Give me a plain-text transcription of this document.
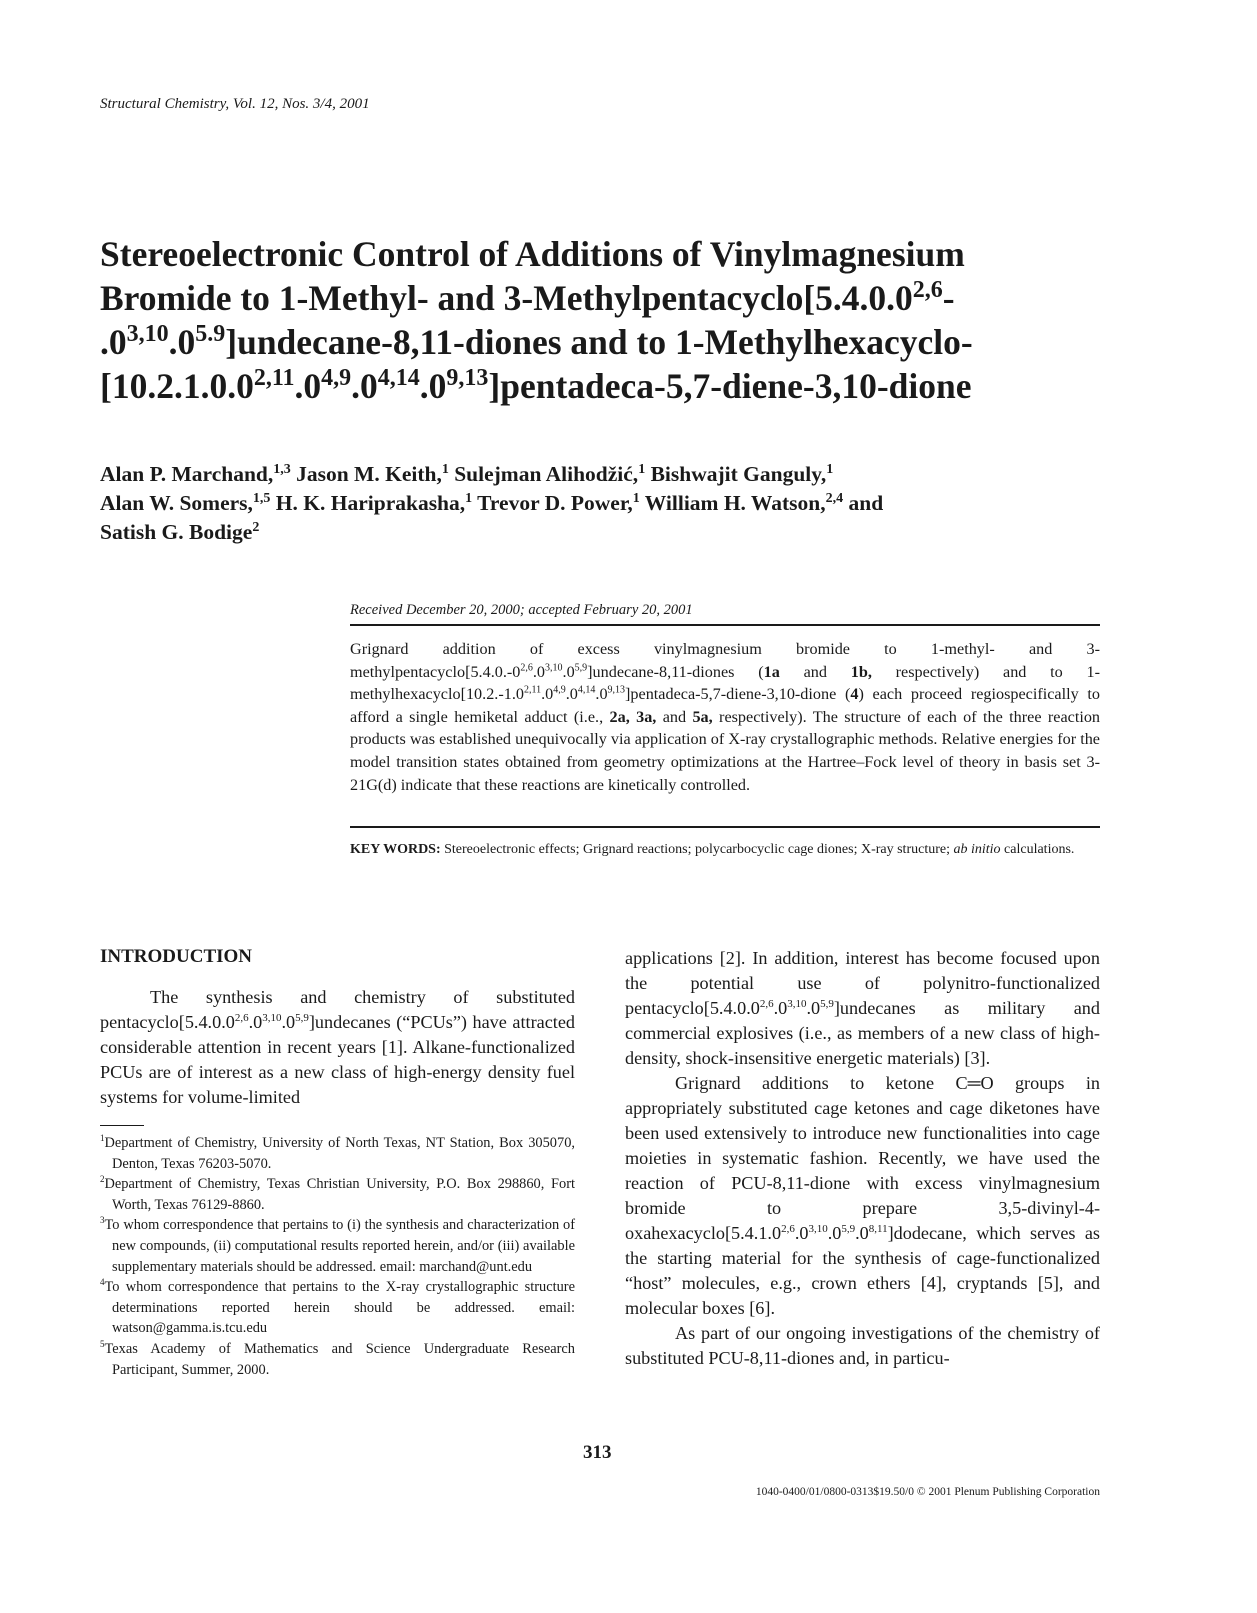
Structural Chemistry, Vol. 12, Nos. 3/4, 2001
Stereoelectronic Control of Additions of Vinylmagnesium Bromide to 1-Methyl- and 3-Methylpentacyclo[5.4.0.0$^{2,6}$-
$.0^{3,10}.0^{5.9}]undecane-8,11$-diones and to 1-Methylhexacyclo-
[10.2.1.0.0$^{2,11}$.0$^{4,9}$.0$^{4,14}$.0$^{9,13}$]pentadeca-5,7-diene-3,10-dione
Alan P. Marchand,$^{1,3}$ Jason M. Keith,$^1$ Sulejman Alihodžić,$^1$ Bishwajit Ganguly,$^1$
Alan W. Somers,$^{1,5}$ H. K. Hariprakasha,$^1$ Trevor D. Power,$^1$ William H. Watson,$^{2,4}$ and
Satish G. Bodige$^2$
Received December 20, 2000; accepted February 20, 2001
Grignard addition of excess vinylmagnesium bromide to 1-methyl- and 3-methylpentacyclo[5.4.0.-0$^{2,6}$.0$^{3,10}$.0$^{5,9}$]undecane-8,11-diones (1a and 1b, respectively) and to 1-methylhexacyclo[10.2.-1.0$^{2,11}$.0$^{4,9}$.0$^{4,14}$.0$^{9,13}$]pentadeca-5,7-diene-3,10-dione (4) each proceed regiospecifically to afford a single hemiketal adduct (i.e., 2a, 3a, and 5a, respectively). The structure of each of the three reaction products was established unequivocally via application of X-ray crystallographic methods. Relative energies for the model transition states obtained from geometry optimizations at the Hartree–Fock level of theory in basis set 3-21G(d) indicate that these reactions are kinetically controlled.
KEY WORDS: Stereoelectronic effects; Grignard reactions; polycarbocyclic cage diones; X-ray structure; ab initio calculations.
INTRODUCTION

The synthesis and chemistry of substituted pentacyclo[5.4.0.0$^{2,6}$.0$^{3,10}$.0$^{5,9}$]undecanes (“PCUs”) have attracted considerable attention in recent years [1]. Alkane-functionalized PCUs are of interest as a new class of high-energy density fuel systems for volume-limited

$^1$Department of Chemistry, University of North Texas, NT Station, Box 305070, Denton, Texas 76203-5070.
$^2$Department of Chemistry, Texas Christian University, P.O. Box 298860, Fort Worth, Texas 76129-8860.
$^3$To whom correspondence that pertains to (i) the synthesis and characterization of new compounds, (ii) computational results reported herein, and/or (iii) available supplementary materials should be addressed. email: marchand@unt.edu
$^4$To whom correspondence that pertains to the X-ray crystallographic structure determinations reported herein should be addressed. email: watson@gamma.is.tcu.edu
$^5$Texas Academy of Mathematics and Science Undergraduate Research Participant, Summer, 2000.

applications [2]. In addition, interest has become focused upon the potential use of polynitro-functionalized pentacyclo[5.4.0.0$^{2,6}$.0$^{3,10}$.0$^{5,9}$]undecanes as military and commercial explosives (i.e., as members of a new class of high-density, shock-insensitive energetic materials) [3].

Grignard additions to ketone C═O groups in appropriately substituted cage ketones and cage diketones have been used extensively to introduce new functionalities into cage moieties in systematic fashion. Recently, we have used the reaction of PCU-8,11-dione with excess vinylmagnesium bromide to prepare 3,5-divinyl-4-oxahexacyclo[5.4.1.0$^{2,6}$.0$^{3,10}$.0$^{5,9}$.0$^{8,11}$]dodecane, which serves as the starting material for the synthesis of cage-functionalized “host” molecules, e.g., crown ethers [4], cryptands [5], and molecular boxes [6].

As part of our ongoing investigations of the chemistry of substituted PCU-8,11-diones and, in particu-

313
1040-0400/01/0800-0313$19.50/0 © 2001 Plenum Publishing Corporation
